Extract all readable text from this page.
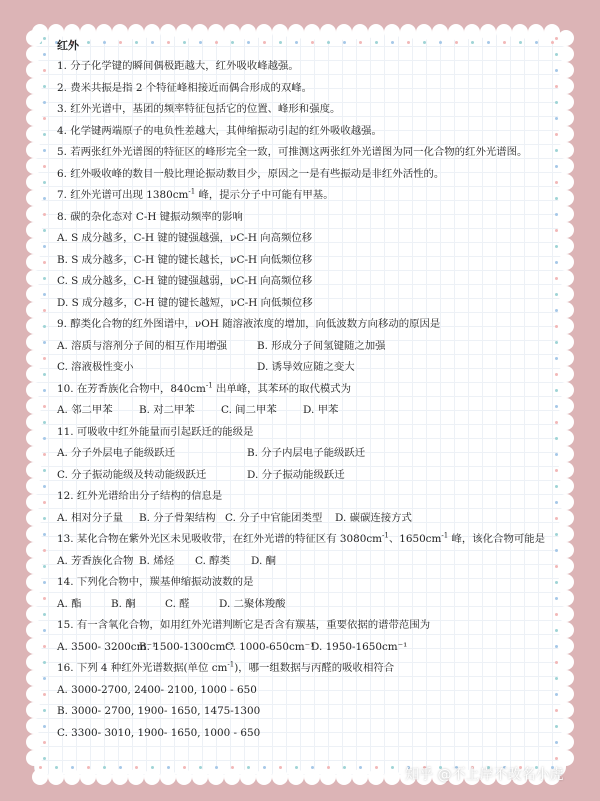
红外
1. 分子化学键的瞬间偶极距越大，红外吸收峰越强。
2. 费米共振是指 2 个特征峰相接近而偶合形成的双峰。
3. 红外光谱中，基团的频率特征包括它的位置、峰形和强度。
4. 化学键两端原子的电负性差越大，其伸缩振动引起的红外吸收越强。
5. 若两张红外光谱图的特征区的峰形完全一致，可推测这两张红外光谱图为同一化合物的红外光谱图。
6. 红外吸收峰的数目一般比理论振动数目少，原因之一是有些振动是非红外活性的。
7. 红外光谱可出现 $1380cm^{-1}$ 峰，提示分子中可能有甲基。
8. 碳的杂化态对 C-H 键振动频率的影响
A. S 成分越多，C-H 键的键强越强，νC-H 向高频位移
B. S 成分越多，C-H 键的键长越长，νC-H 向低频位移
C. S 成分越多，C-H 键的键强越弱，νC-H 向高频位移
D. S 成分越多，C-H 键的键长越短，νC-H 向低频位移
9. 醇类化合物的红外图谱中，νOH 随溶液浓度的增加，向低波数方向移动的原因是
A. 溶质与溶剂分子间的相互作用增强	B. 形成分子间氢键随之加强
C. 溶液极性变小	D. 诱导效应随之变大
10. 在芳香族化合物中，$840cm^{-1}$ 出单峰，其苯环的取代模式为
A. 邻二甲苯	B. 对二甲苯	C. 间二甲苯	D. 甲苯
11. 可吸收中红外能量而引起跃迁的能级是
A. 分子外层电子能级跃迁	B. 分子内层电子能级跃迁
C. 分子振动能级及转动能级跃迁	D. 分子振动能级跃迁
12. 红外光谱给出分子结构的信息是
A. 相对分子量 B. 分子骨架结构 C. 分子中官能团类型 D. 碳碳连接方式
13. 某化合物在紫外光区未见吸收带，在红外光谱的特征区有 $3080cm^{-1}$、$1650cm^{-1}$ 峰，该化合物可能是
A. 芳香族化合物 B. 烯烃 C. 醇类 D. 酮
14. 下列化合物中，羰基伸缩振动波数的是
A. 酯	B. 酮	C. 醛	D. 二聚体羧酸
15. 有一含氧化合物，如用红外光谱判断它是否含有羰基，重要依据的谱带范围为
A. 3500- 3200cm⁻¹B. 1500-1300cm⁻¹C. 1000-650cm⁻¹D. 1950-1650cm⁻¹
16. 下列 4 种红外光谱数据(单位 $cm^{-1}$)，哪一组数据与丙醛的吸收相符合
A. 3000-2700, 2400- 2100, 1000 - 650
B. 3000- 2700, 1900- 1650, 1475-1300
C. 3300- 3010, 1900- 1650, 1000 - 650
知乎 @不上岸不改名小虎
